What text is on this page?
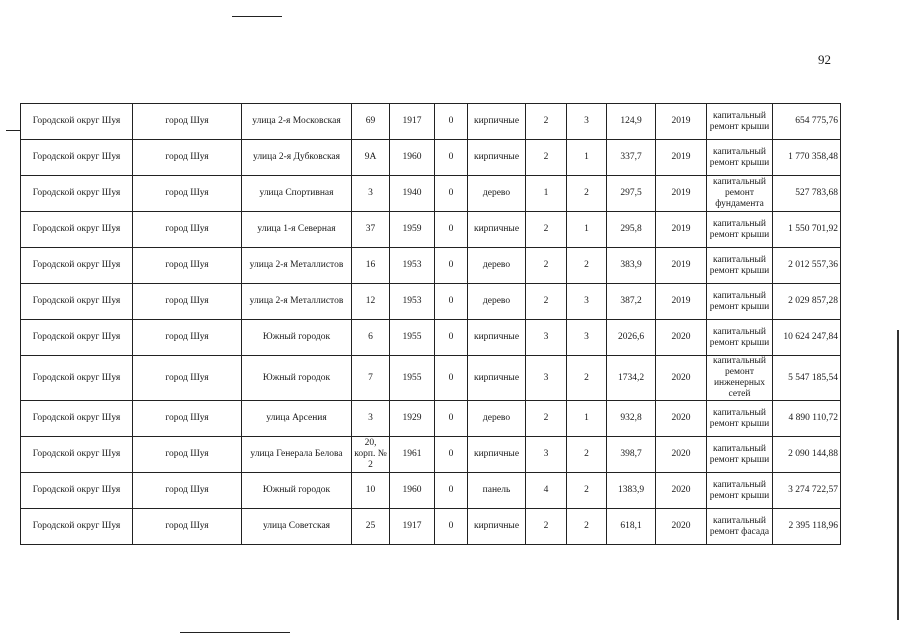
92
Городской округ Шуя	город Шуя	улица 2-я Московская	69	1917	0	кирпичные	2	3	124,9	2019	капитальный ремонт крыши	654 775,76
Городской округ Шуя	город Шуя	улица 2-я Дубковская	9А	1960	0	кирпичные	2	1	337,7	2019	капитальный ремонт крыши	1 770 358,48
Городской округ Шуя	город Шуя	улица Спортивная	3	1940	0	дерево	1	2	297,5	2019	капитальный ремонт фундамента	527 783,68
Городской округ Шуя	город Шуя	улица 1-я Северная	37	1959	0	кирпичные	2	1	295,8	2019	капитальный ремонт крыши	1 550 701,92
Городской округ Шуя	город Шуя	улица 2-я Металлистов	16	1953	0	дерево	2	2	383,9	2019	капитальный ремонт крыши	2 012 557,36
Городской округ Шуя	город Шуя	улица 2-я Металлистов	12	1953	0	дерево	2	3	387,2	2019	капитальный ремонт крыши	2 029 857,28
Городской округ Шуя	город Шуя	Южный городок	6	1955	0	кирпичные	3	3	2026,6	2020	капитальный ремонт крыши	10 624 247,84
Городской округ Шуя	город Шуя	Южный городок	7	1955	0	кирпичные	3	2	1734,2	2020	капитальный ремонт инженерных сетей	5 547 185,54
Городской округ Шуя	город Шуя	улица Арсения	3	1929	0	дерево	2	1	932,8	2020	капитальный ремонт крыши	4 890 110,72
Городской округ Шуя	город Шуя	улица Генерала Белова	20, корп. № 2	1961	0	кирпичные	3	2	398,7	2020	капитальный ремонт крыши	2 090 144,88
Городской округ Шуя	город Шуя	Южный городок	10	1960	0	панель	4	2	1383,9	2020	капитальный ремонт крыши	3 274 722,57
Городской округ Шуя	город Шуя	улица Советская	25	1917	0	кирпичные	2	2	618,1	2020	капитальный ремонт фасада	2 395 118,96
